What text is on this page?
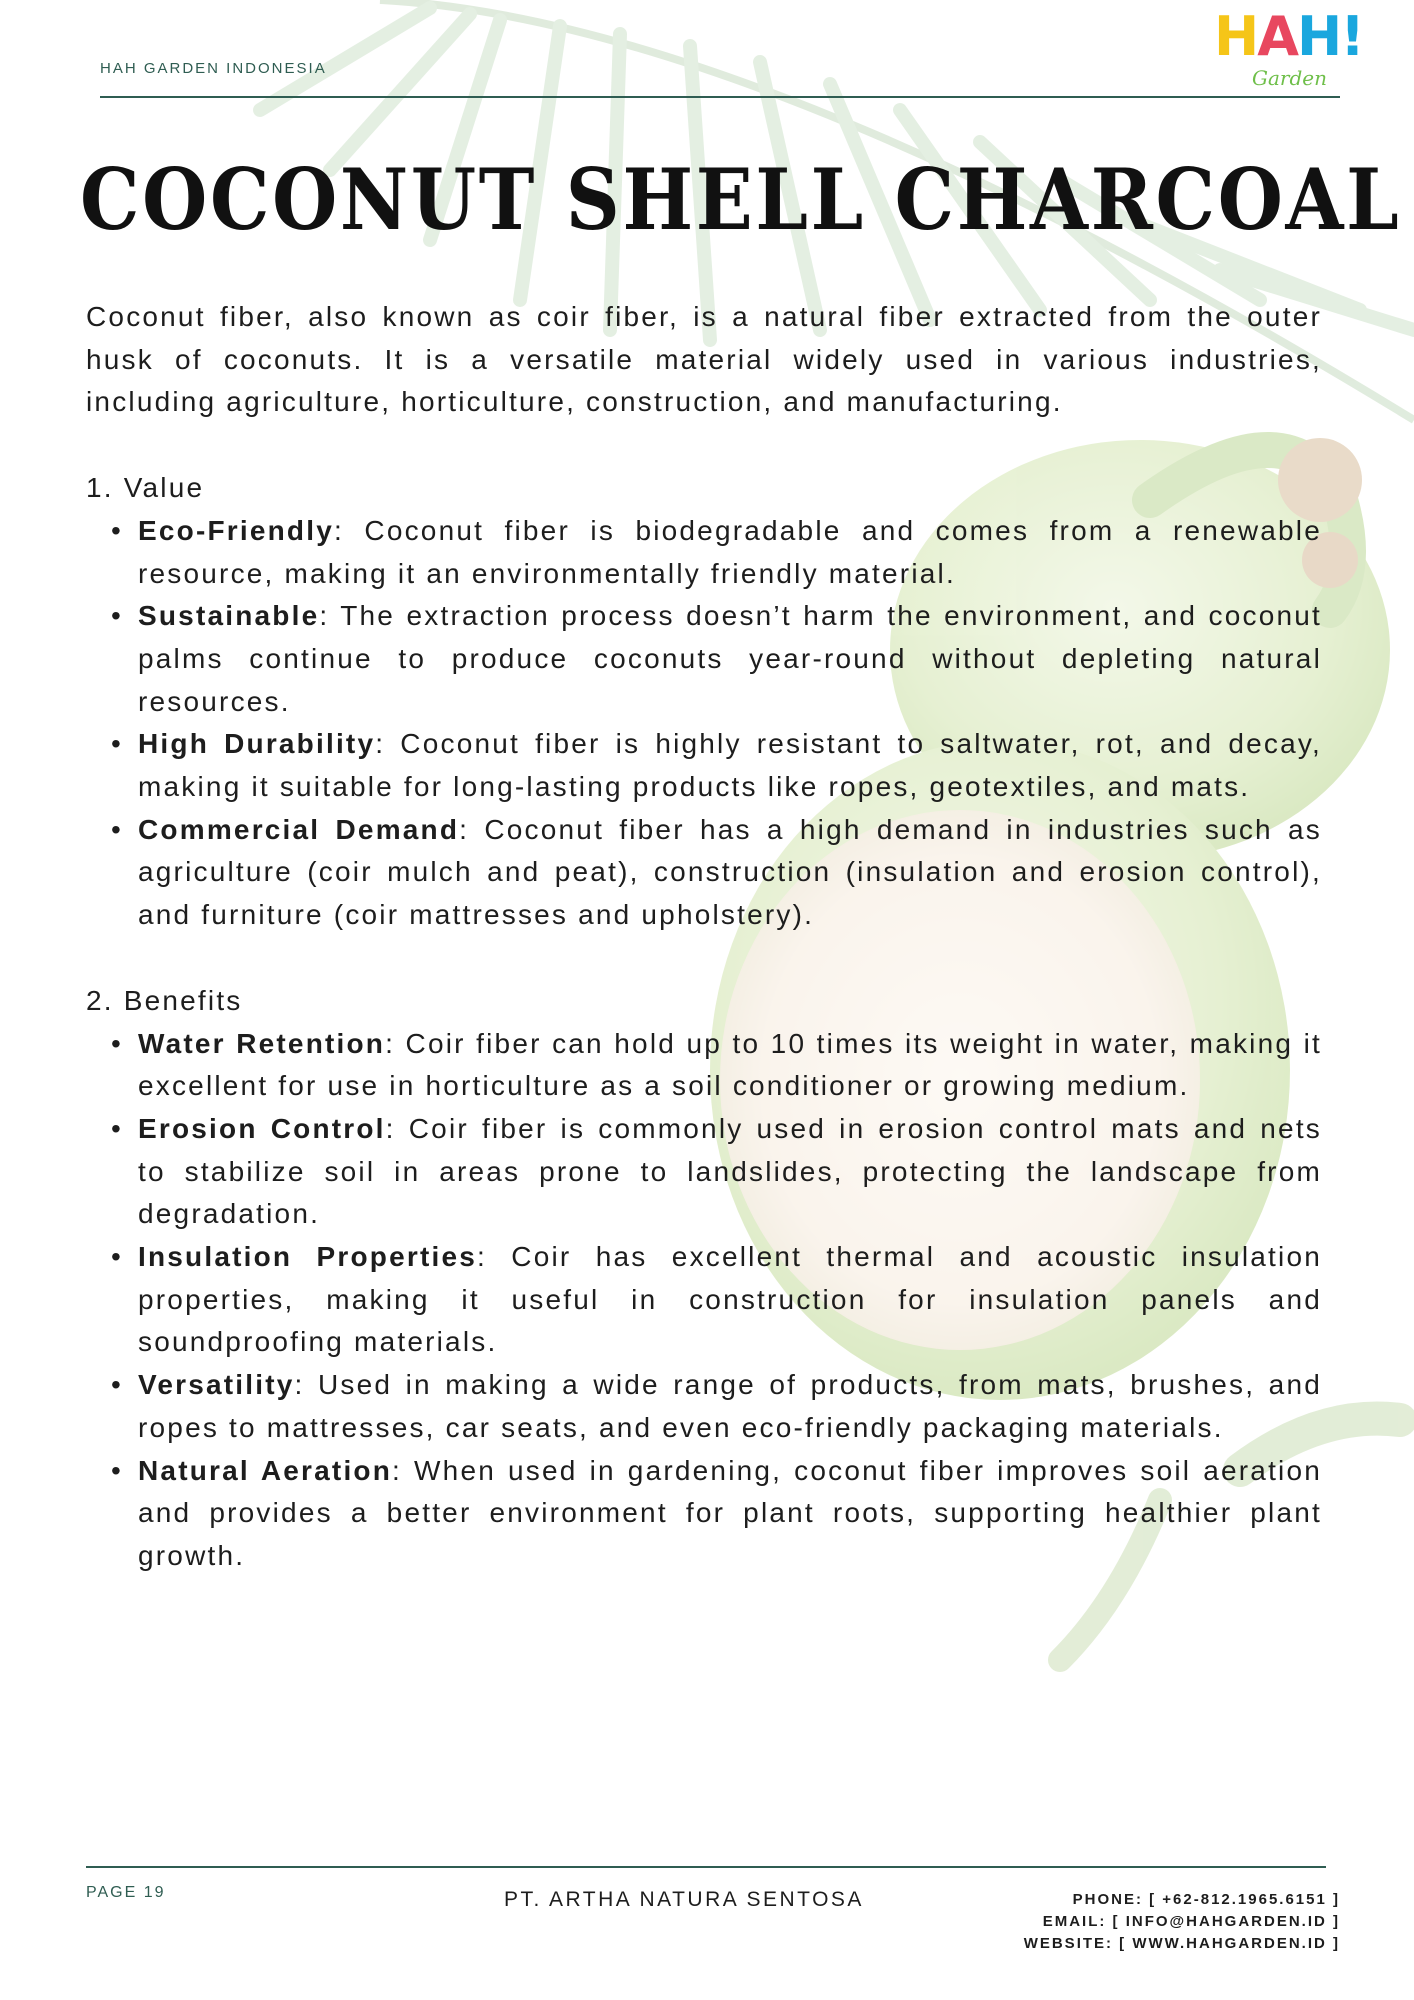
HAH GARDEN INDONESIA
HAH!
Garden
COCONUT SHELL CHARCOAL

Coconut fiber, also known as coir fiber, is a natural fiber extracted from the outer husk of coconuts. It is a versatile material widely used in various industries, including agriculture, horticulture, construction, and manufacturing.

1. Value
• Eco-Friendly: Coconut fiber is biodegradable and comes from a renewable resource, making it an environmentally friendly material.
• Sustainable: The extraction process doesn’t harm the environment, and coconut palms continue to produce coconuts year-round without depleting natural resources.
• High Durability: Coconut fiber is highly resistant to saltwater, rot, and decay, making it suitable for long-lasting products like ropes, geotextiles, and mats.
• Commercial Demand: Coconut fiber has a high demand in industries such as agriculture (coir mulch and peat), construction (insulation and erosion control), and furniture (coir mattresses and upholstery).
2. Benefits
• Water Retention: Coir fiber can hold up to 10 times its weight in water, making it excellent for use in horticulture as a soil conditioner or growing medium.
• Erosion Control: Coir fiber is commonly used in erosion control mats and nets to stabilize soil in areas prone to landslides, protecting the landscape from degradation.
• Insulation Properties: Coir has excellent thermal and acoustic insulation properties, making it useful in construction for insulation panels and soundproofing materials.
• Versatility: Used in making a wide range of products, from mats, brushes, and ropes to mattresses, car seats, and even eco-friendly packaging materials.
• Natural Aeration: When used in gardening, coconut fiber improves soil aeration and provides a better environment for plant roots, supporting healthier plant growth.
PAGE 19	PT. ARTHA NATURA SENTOSA	PHONE: [ +62-812.1965.6151 ]
EMAIL: [ INFO@HAHGARDEN.ID ]
WEBSITE: [ WWW.HAHGARDEN.ID ]
